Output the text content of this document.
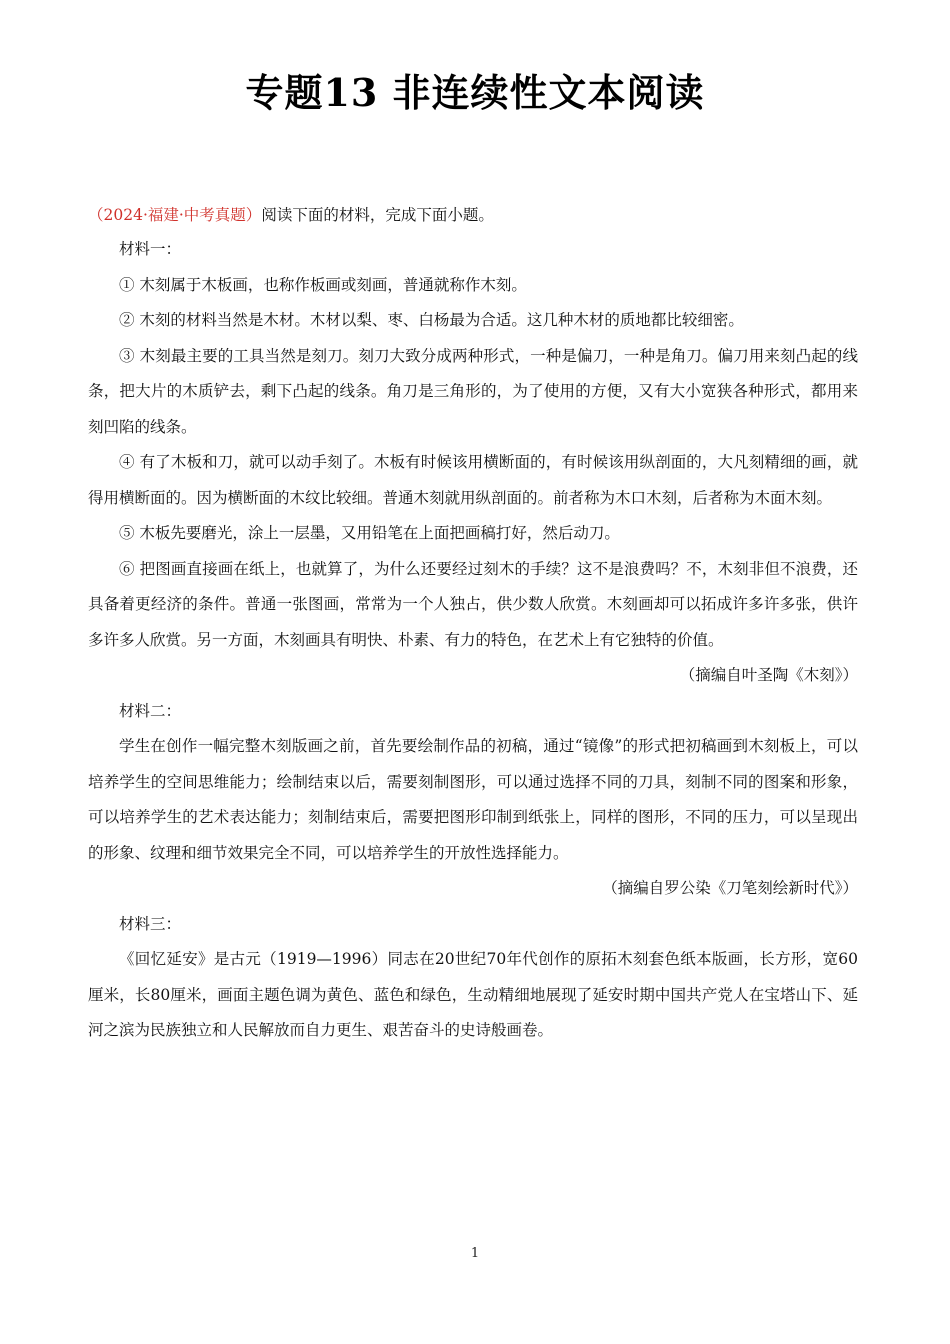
专题13 非连续性文本阅读

（2024·福建·中考真题）阅读下面的材料，完成下面小题。

材料一：

① 木刻属于木板画，也称作板画或刻画，普通就称作木刻。

② 木刻的材料当然是木材。木材以梨、枣、白杨最为合适。这几种木材的质地都比较细密。

③ 木刻最主要的工具当然是刻刀。刻刀大致分成两种形式，一种是偏刀，一种是角刀。偏刀用来刻凸起的线条，把大片的木质铲去，剩下凸起的线条。角刀是三角形的，为了使用的方便，又有大小宽狭各种形式，都用来刻凹陷的线条。

④ 有了木板和刀，就可以动手刻了。木板有时候该用横断面的，有时候该用纵剖面的，大凡刻精细的画，就得用横断面的。因为横断面的木纹比较细。普通木刻就用纵剖面的。前者称为木口木刻，后者称为木面木刻。

⑤ 木板先要磨光，涂上一层墨，又用铅笔在上面把画稿打好，然后动刀。

⑥ 把图画直接画在纸上，也就算了，为什么还要经过刻木的手续？这不是浪费吗？不，木刻非但不浪费，还具备着更经济的条件。普通一张图画，常常为一个人独占，供少数人欣赏。木刻画却可以拓成许多许多张，供许多许多人欣赏。另一方面，木刻画具有明快、朴素、有力的特色，在艺术上有它独特的价值。

（摘编自叶圣陶《木刻》）

材料二：

学生在创作一幅完整木刻版画之前，首先要绘制作品的初稿，通过“镜像”的形式把初稿画到木刻板上，可以培养学生的空间思维能力；绘制结束以后，需要刻制图形，可以通过选择不同的刀具，刻制不同的图案和形象，可以培养学生的艺术表达能力；刻制结束后，需要把图形印制到纸张上，同样的图形，不同的压力，可以呈现出的形象、纹理和细节效果完全不同，可以培养学生的开放性选择能力。

（摘编自罗公染《刀笔刻绘新时代》）

材料三：

《回忆延安》是古元（1919—1996）同志在20世纪70年代创作的原拓木刻套色纸本版画，长方形，宽60厘米，长80厘米，画面主题色调为黄色、蓝色和绿色，生动精细地展现了延安时期中国共产党人在宝塔山下、延河之滨为民族独立和人民解放而自力更生、艰苦奋斗的史诗般画卷。

1
